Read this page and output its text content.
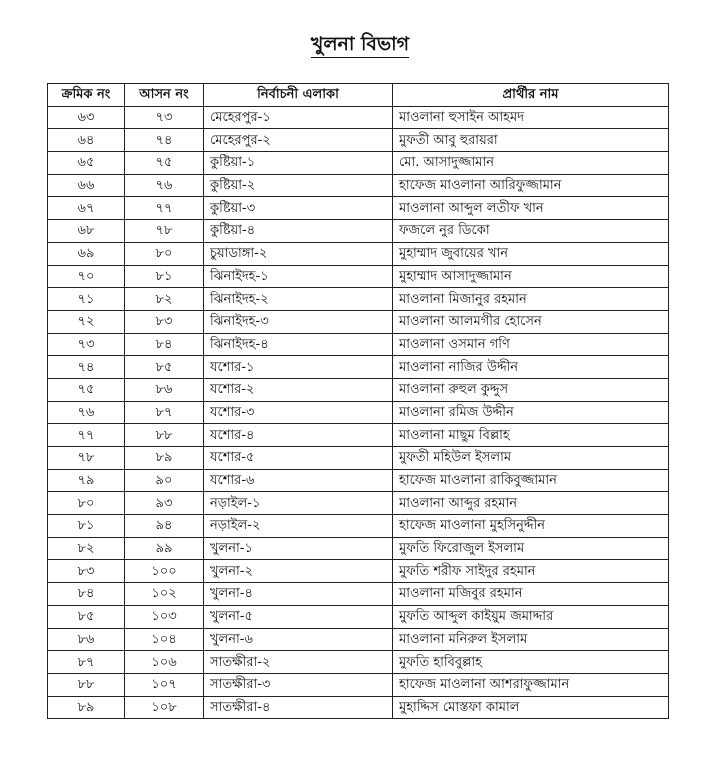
খুলনা বিভাগ
ক্রমিক নং	আসন নং	নির্বাচনী এলাকা	প্রার্থীর নাম
৬৩	৭৩	মেহেরপুর-১	মাওলানা হুসাইন আহমদ
৬৪	৭৪	মেহেরপুর-২	মুফতী আবু হুরায়রা
৬৫	৭৫	কুষ্টিয়া-১	মো. আসাদুজ্জামান
৬৬	৭৬	কুষ্টিয়া-২	হাফেজ মাওলানা আরিফুজ্জামান
৬৭	৭৭	কুষ্টিয়া-৩	মাওলানা আব্দুল লতীফ খান
৬৮	৭৮	কুষ্টিয়া-৪	ফজলে নুর ডিকো
৬৯	৮০	চুয়াডাঙ্গা-২	মুহাম্মাদ জুবায়ের খান
৭০	৮১	ঝিনাইদহ-১	মুহাম্মাদ আসাদুজ্জামান
৭১	৮২	ঝিনাইদহ-২	মাওলানা মিজানুর রহমান
৭২	৮৩	ঝিনাইদহ-৩	মাওলানা আলমগীর হোসেন
৭৩	৮৪	ঝিনাইদহ-৪	মাওলানা ওসমান গণি
৭৪	৮৫	যশোর-১	মাওলানা নাজির উদ্দীন
৭৫	৮৬	যশোর-২	মাওলানা রুহুল কুদ্দুস
৭৬	৮৭	যশোর-৩	মাওলানা রমিজ উদ্দীন
৭৭	৮৮	যশোর-৪	মাওলানা মাছুম বিল্লাহ
৭৮	৮৯	যশোর-৫	মুফতী মহিউল ইসলাম
৭৯	৯০	যশোর-৬	হাফেজ মাওলানা রাকিবুজ্জামান
৮০	৯৩	নড়াইল-১	মাওলানা আব্দুর রহমান
৮১	৯৪	নড়াইল-২	হাফেজ মাওলানা মুহসিনুদ্দীন
৮২	৯৯	খুলনা-১	মুফতি ফিরোজুল ইসলাম
৮৩	১০০	খুলনা-২	মুফতি শরীফ সাইদুর রহমান
৮৪	১০২	খুলনা-৪	মাওলানা মজিবুর রহমান
৮৫	১০৩	খুলনা-৫	মুফতি আব্দুল কাইয়ুম জমাদ্দার
৮৬	১০৪	খুলনা-৬	মাওলানা মনিরুল ইসলাম
৮৭	১০৬	সাতক্ষীরা-২	মুফতি হাবিবুল্লাহ
৮৮	১০৭	সাতক্ষীরা-৩	হাফেজ মাওলানা আশরাফুজ্জামান
৮৯	১০৮	সাতক্ষীরা-৪	মুহাদ্দিস মোস্তফা কামাল
